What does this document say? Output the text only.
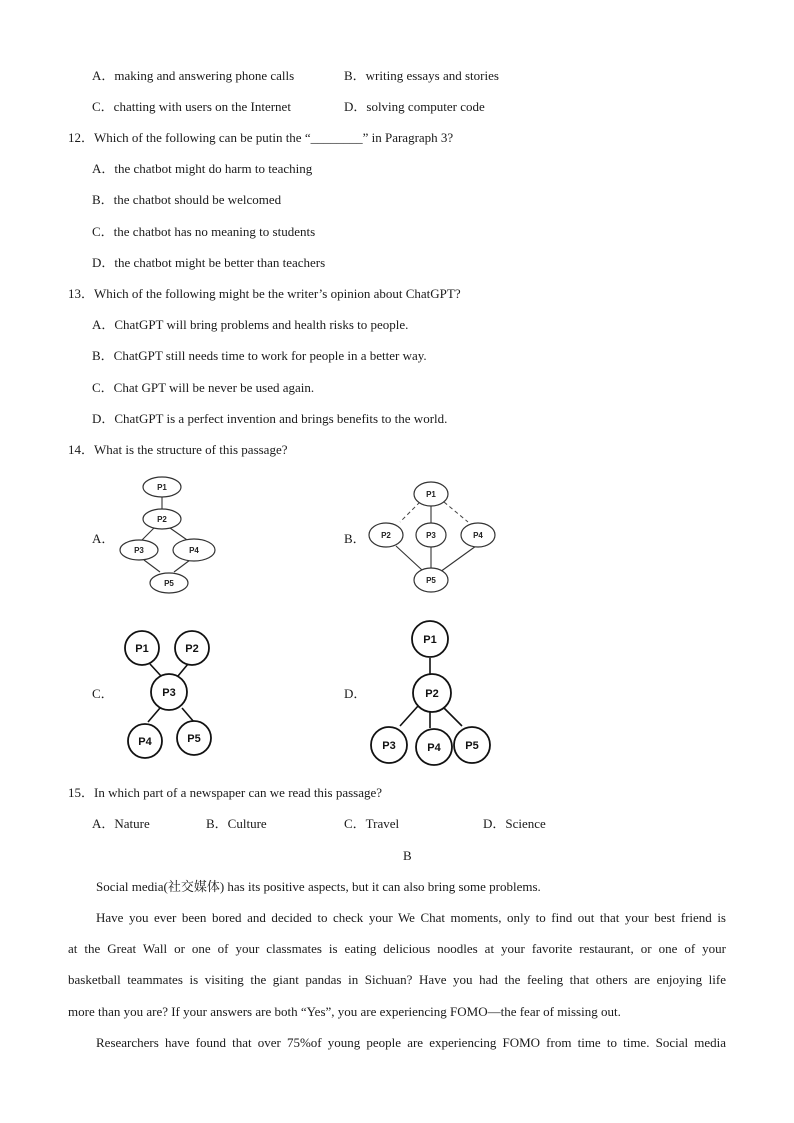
A．making and answering phone calls	B．writing essays and stories
C．chatting with users on the Internet	D．solving computer code
12．Which of the following can be putin the “________” in Paragraph 3?
A．the chatbot might do harm to teaching
B．the chatbot should be welcomed
C．the chatbot has no meaning to students
D．the chatbot might be better than teachers
13．Which of the following might be the writer’s opinion about ChatGPT?
A．ChatGPT will bring problems and health risks to people.
B．ChatGPT still needs time to work for people in a better way.
C．Chat GPT will be never be used again.
D．ChatGPT is a perfect invention and brings benefits to the world.
14．What is the structure of this passage?
A．	B．
C．	D．
P1
P2
P3	P4
P5
P1
P2	P3	P4
P5
P1	P2
P3
P4	P5
P1
P2
P3	P4 P5
15．In which part of a newspaper can we read this passage?
A．Nature	B．Culture	C．Travel	D．Science
B
Social media(社交媒体) has its positive aspects, but it can also bring some problems.
Have you ever been bored and decided to check your We Chat moments, only to find out that your best friend is
at the Great Wall or one of your classmates is eating delicious noodles at your favorite restaurant, or one of your
basketball teammates is visiting the giant pandas in Sichuan? Have you had the feeling that others are enjoying life
more than you are? If your answers are both “Yes”, you are experiencing FOMO—the fear of missing out.
Researchers have found that over 75%of young people are experiencing FOMO from time to time. Social media
